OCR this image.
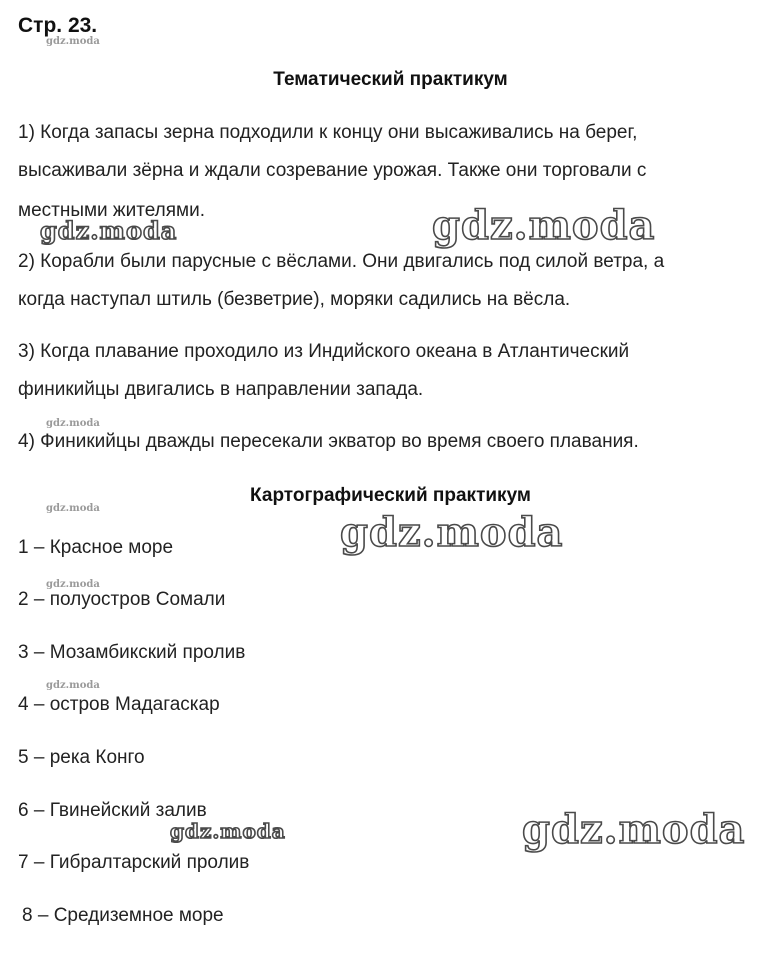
Стр. 23.
Тематический практикум
1) Когда запасы зерна подходили к концу они высаживались на берег,
высаживали зёрна и ждали созревание урожая. Также они торговали с
местными жителями.
2) Корабли были парусные с вёслами. Они двигались под силой ветра, а
когда наступал штиль (безветрие), моряки садились на вёсла.
3) Когда плавание проходило из Индийского океана в Атлантический
финикийцы двигались в направлении запада.
4) Финикийцы дважды пересекали экватор во время своего плавания.
Картографический практикум
1 – Красное море
2 – полуостров Сомали
3 – Мозамбикский пролив
4 – остров Мадагаскар
5 – река Конго
6 – Гвинейский залив
7 – Гибралтарский пролив
8 – Средиземное море
gdz.moda
gdz.moda	gdz.moda
gdz.moda
gdz.moda
gdz.moda
gdz.moda
gdz.moda
gdz.moda	gdz.moda
